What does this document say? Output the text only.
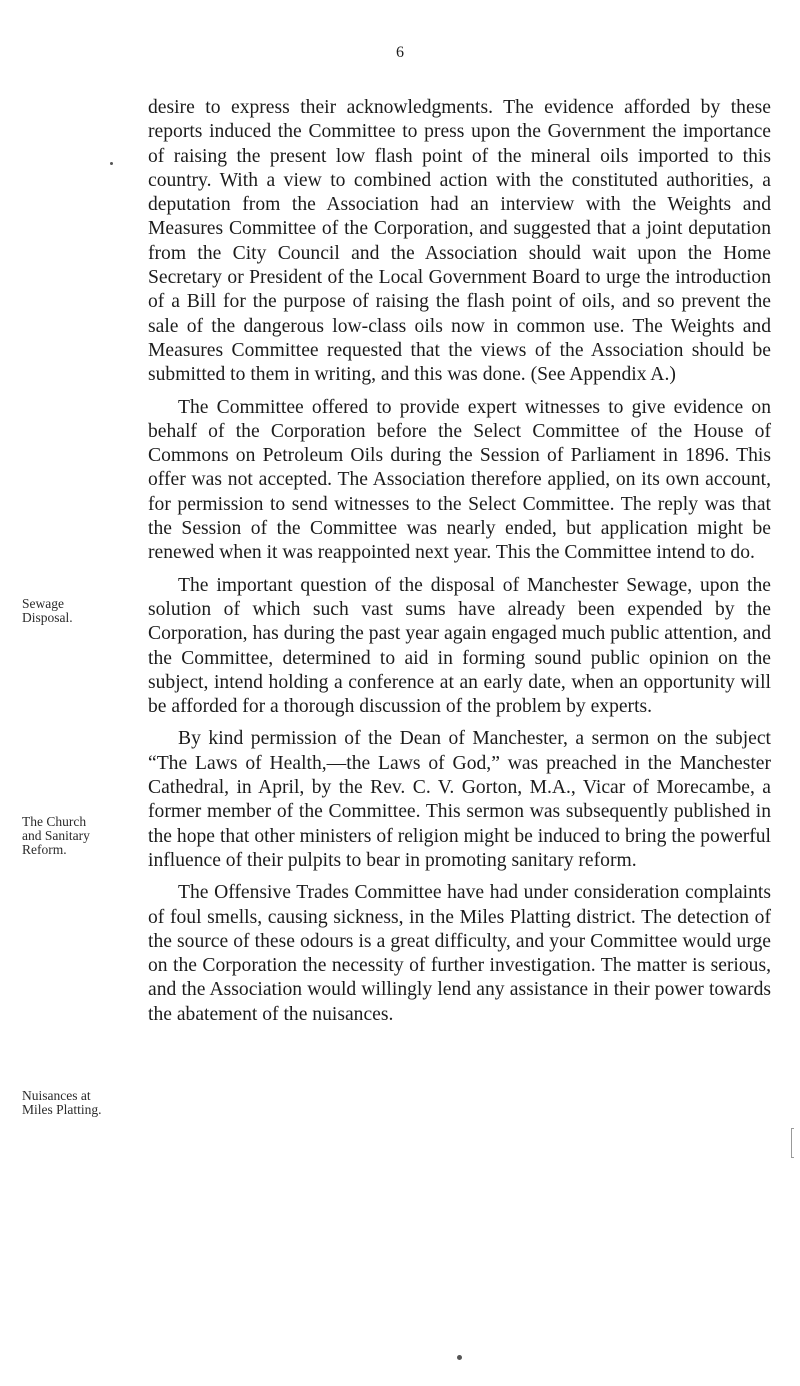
6
Sewage
Disposal.
The Church
and Sanitary
Reform.
Nuisances at
Miles Platting.

desire to express their acknowledgments. The evidence afforded by these reports induced the Committee to press upon the Government the importance of raising the present low flash point of the mineral oils imported to this country. With a view to combined action with the constituted authorities, a deputation from the Association had an interview with the Weights and Measures Committee of the Corporation, and suggested that a joint deputation from the City Council and the Association should wait upon the Home Secretary or President of the Local Government Board to urge the introduction of a Bill for the purpose of raising the flash point of oils, and so prevent the sale of the dangerous low-class oils now in common use. The Weights and Measures Committee requested that the views of the Association should be submitted to them in writing, and this was done. (See Appendix A.)

The Committee offered to provide expert witnesses to give evidence on behalf of the Corporation before the Select Committee of the House of Commons on Petroleum Oils during the Session of Parliament in 1896. This offer was not accepted. The Association therefore applied, on its own account, for permission to send witnesses to the Select Committee. The reply was that the Session of the Committee was nearly ended, but application might be renewed when it was reappointed next year. This the Committee intend to do.

The important question of the disposal of Manchester Sewage, upon the solution of which such vast sums have already been expended by the Corporation, has during the past year again engaged much public attention, and the Committee, determined to aid in forming sound public opinion on the subject, intend holding a conference at an early date, when an opportunity will be afforded for a thorough discussion of the problem by experts.

By kind permission of the Dean of Manchester, a sermon on the subject “The Laws of Health,—the Laws of God,” was preached in the Manchester Cathedral, in April, by the Rev. C. V. Gorton, M.A., Vicar of Morecambe, a former member of the Committee. This sermon was subsequently published in the hope that other ministers of religion might be induced to bring the powerful influence of their pulpits to bear in promoting sanitary reform.

The Offensive Trades Committee have had under consideration complaints of foul smells, causing sickness, in the Miles Platting district. The detection of the source of these odours is a great difficulty, and your Committee would urge on the Corporation the necessity of further investigation. The matter is serious, and the Association would willingly lend any assistance in their power towards the abatement of the nuisances.
